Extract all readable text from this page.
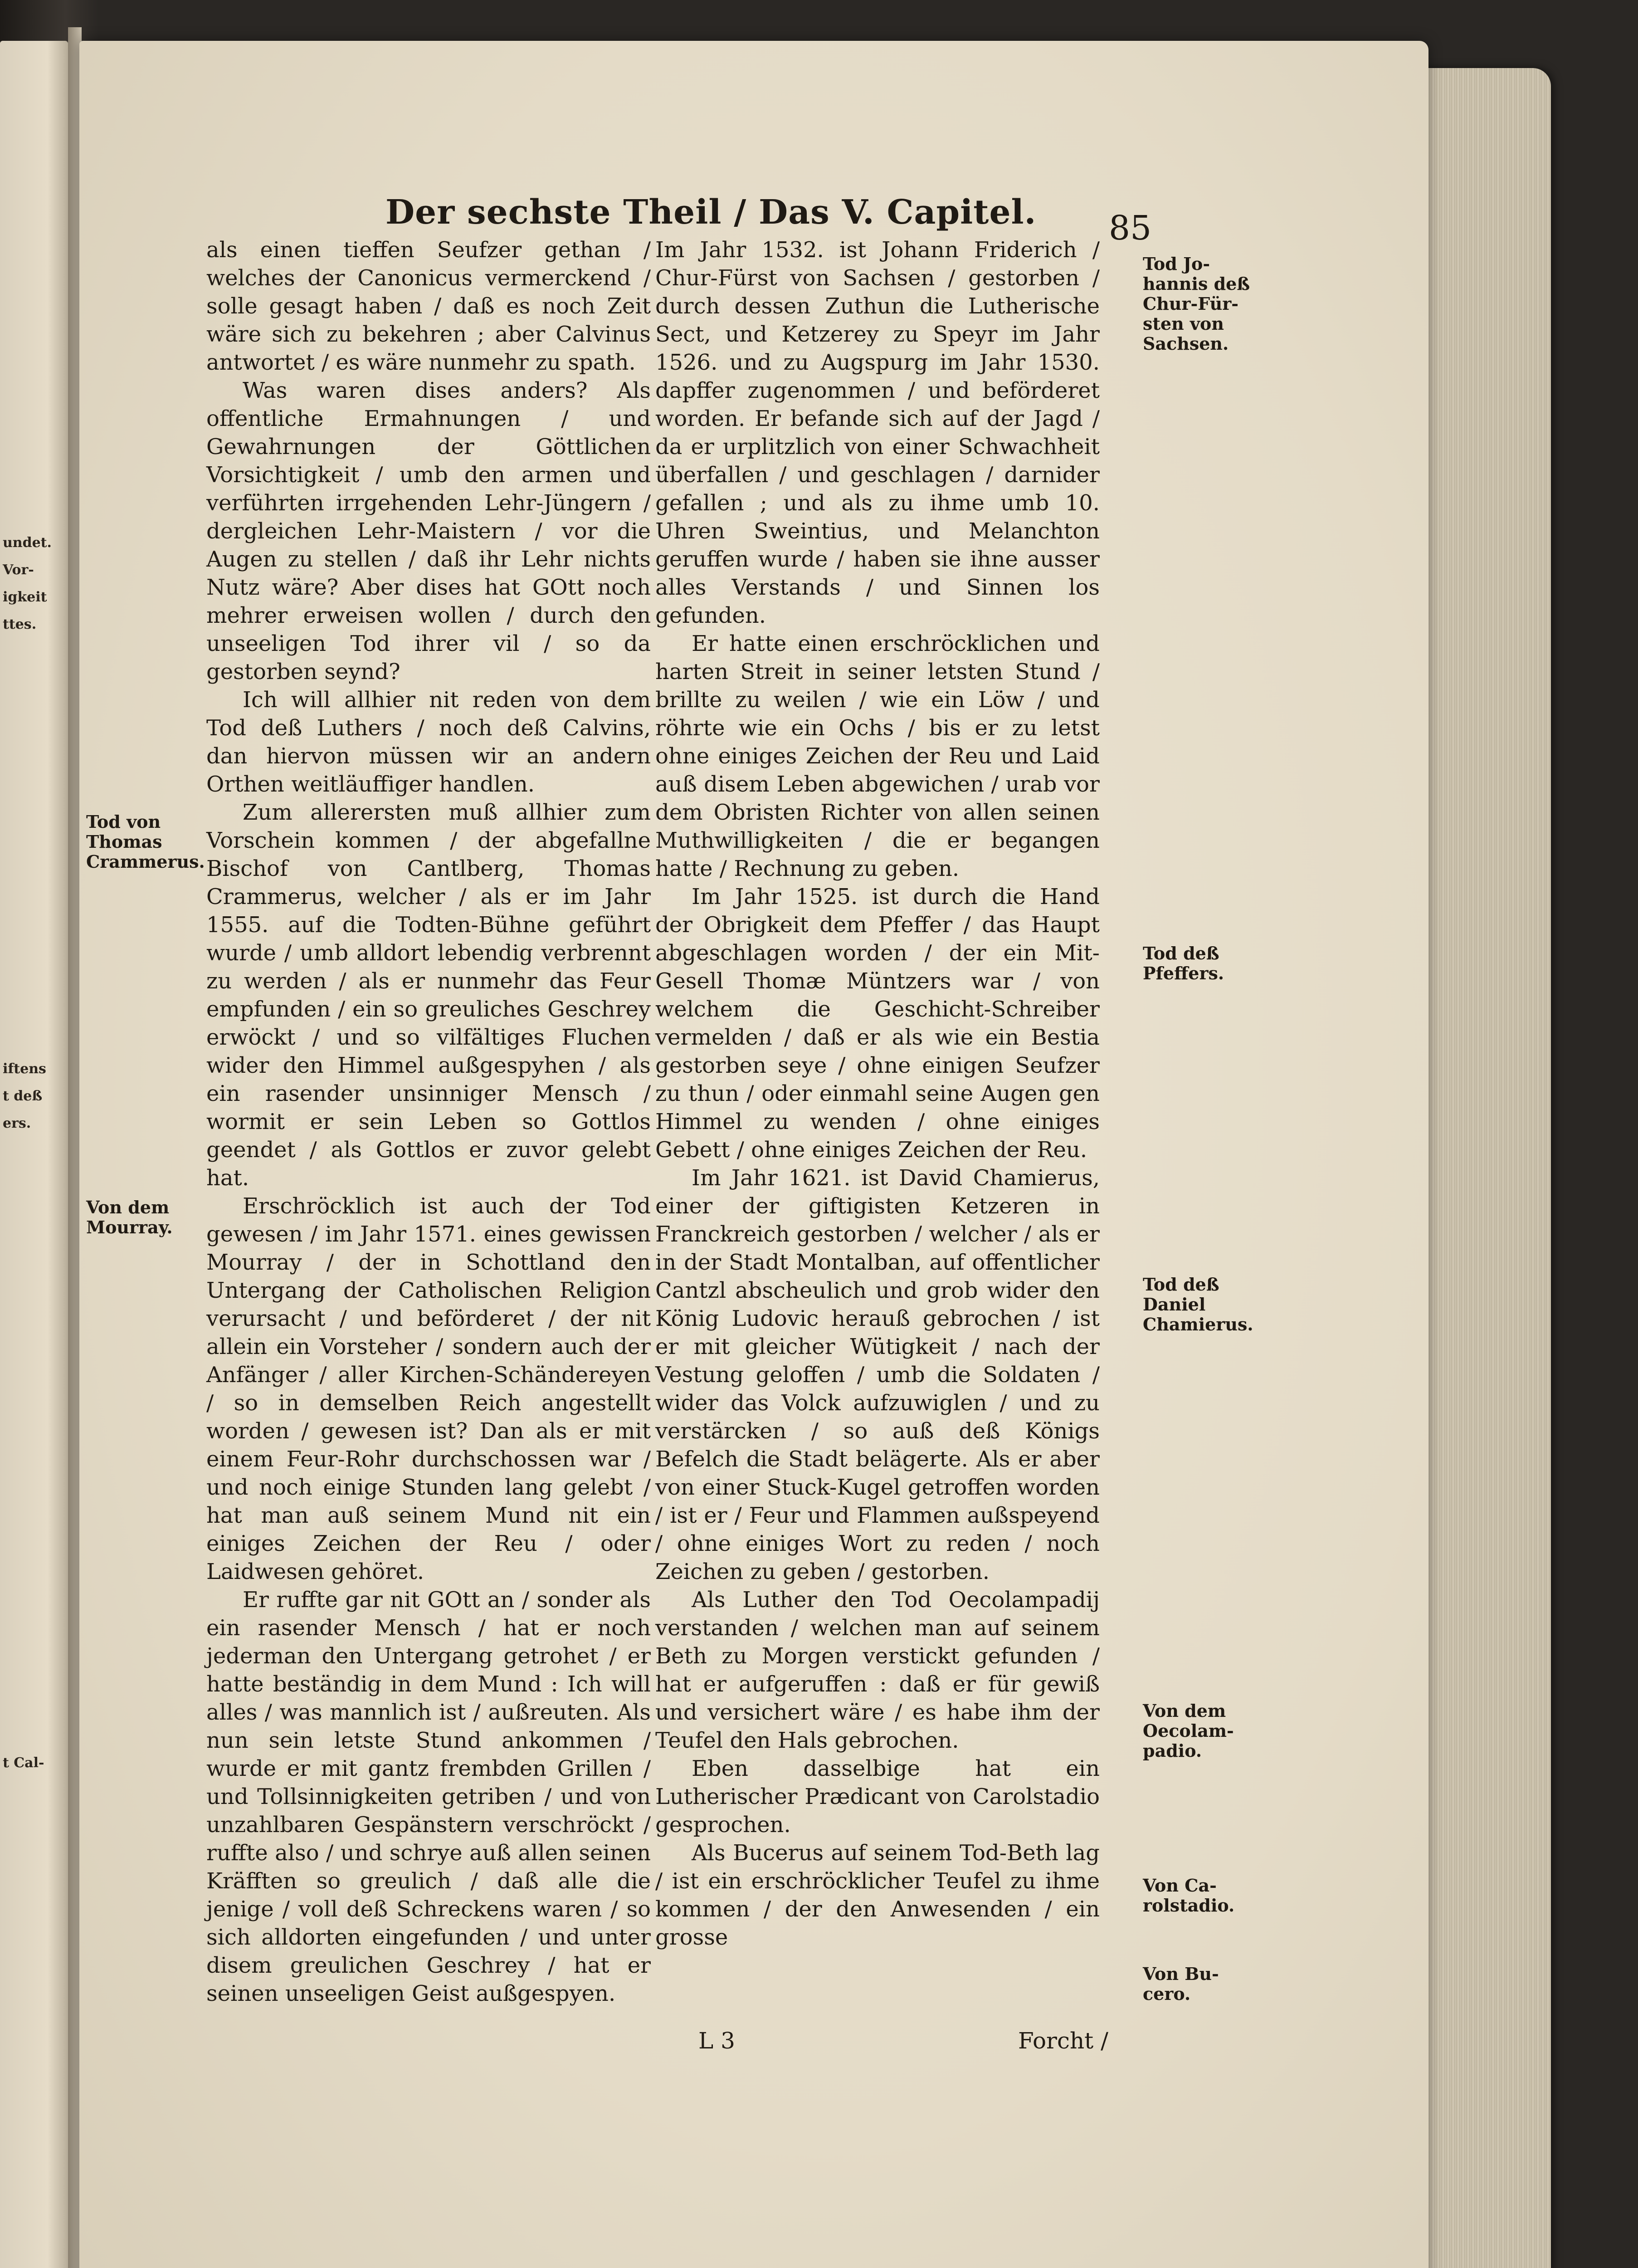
undet.
Vor-
igkeit
ttes.
iftens
t deß
ers.
t Cal-
Der sechste Theil / Das V. Capitel. 85

als einen tieffen Seufzer gethan / welches der Canonicus vermerckend / solle gesagt haben / daß es noch Zeit wäre sich zu bekehren ; aber Calvinus antwortet / es wäre nunmehr zu spath.

Was waren dises anders? Als offentliche Ermahnungen / und Gewahrnungen der Göttlichen Vorsichtigkeit / umb den armen und verführten irrgehenden Lehr-Jüngern / dergleichen Lehr-Maistern / vor die Augen zu stellen / daß ihr Lehr nichts Nutz wäre? Aber dises hat GOtt noch mehrer erweisen wollen / durch den unseeligen Tod ihrer vil / so da gestorben seynd?

Ich will allhier nit reden von dem Tod deß Luthers / noch deß Calvins, dan hiervon müssen wir an andern Orthen weitläuffiger handlen.

Zum allerersten muß allhier zum Vorschein kommen / der abgefallne Bischof von Cantlberg, Thomas Crammerus, welcher / als er im Jahr 1555. auf die Todten-Bühne geführt wurde / umb alldort lebendig verbrennt zu werden / als er nunmehr das Feur empfunden / ein so greuliches Geschrey erwöckt / und so vilfältiges Fluchen wider den Himmel außgespyhen / als ein rasender unsinniger Mensch / wormit er sein Leben so Gottlos geendet / als Gottlos er zuvor gelebt hat.

Erschröcklich ist auch der Tod gewesen / im Jahr 1571. eines gewissen Mourray / der in Schottland den Untergang der Catholischen Religion verursacht / und beförderet / der nit allein ein Vorsteher / sondern auch der Anfänger / aller Kirchen-Schändereyen / so in demselben Reich angestellt worden / gewesen ist? Dan als er mit einem Feur-Rohr durchschossen war / und noch einige Stunden lang gelebt / hat man auß seinem Mund nit ein einiges Zeichen der Reu / oder Laidwesen gehöret.

Er ruffte gar nit GOtt an / sonder als ein rasender Mensch / hat er noch jederman den Untergang getrohet / er hatte beständig in dem Mund : Ich will alles / was mannlich ist / außreuten. Als nun sein letste Stund ankommen / wurde er mit gantz frembden Grillen / und Tollsinnigkeiten getriben / und von unzahlbaren Gespänstern verschröckt / ruffte also / und schrye auß allen seinen Kräfften so greulich / daß alle die jenige / voll deß Schreckens waren / so sich alldorten eingefunden / und unter disem greulichen Geschrey / hat er seinen unseeligen Geist außgespyen.

Im Jahr 1532. ist Johann Friderich / Chur-Fürst von Sachsen / gestorben / durch dessen Zuthun die Lutherische Sect, und Ketzerey zu Speyr im Jahr 1526. und zu Augspurg im Jahr 1530. dapffer zugenommen / und beförderet worden. Er befande sich auf der Jagd / da er urplitzlich von einer Schwachheit überfallen / und geschlagen / darnider gefallen ; und als zu ihme umb 10. Uhren Sweintius, und Melanchton geruffen wurde / haben sie ihne ausser alles Verstands / und Sinnen los gefunden.

Er hatte einen erschröcklichen und harten Streit in seiner letsten Stund / brillte zu weilen / wie ein Löw / und röhrte wie ein Ochs / bis er zu letst ohne einiges Zeichen der Reu und Laid auß disem Leben abgewichen / urab vor dem Obristen Richter von allen seinen Muthwilligkeiten / die er begangen hatte / Rechnung zu geben.

Im Jahr 1525. ist durch die Hand der Obrigkeit dem Pfeffer / das Haupt abgeschlagen worden / der ein Mit-Gesell Thomæ Müntzers war / von welchem die Geschicht-Schreiber vermelden / daß er als wie ein Bestia gestorben seye / ohne einigen Seufzer zu thun / oder einmahl seine Augen gen Himmel zu wenden / ohne einiges Gebett / ohne einiges Zeichen der Reu.

Im Jahr 1621. ist David Chamierus, einer der giftigisten Ketzeren in Franckreich gestorben / welcher / als er in der Stadt Montalban, auf offentlicher Cantzl abscheulich und grob wider den König Ludovic herauß gebrochen / ist er mit gleicher Wütigkeit / nach der Vestung geloffen / umb die Soldaten / wider das Volck aufzuwiglen / und zu verstärcken / so auß deß Königs Befelch die Stadt belägerte. Als er aber von einer Stuck-Kugel getroffen worden / ist er / Feur und Flammen außspeyend / ohne einiges Wort zu reden / noch Zeichen zu geben / gestorben.

Als Luther den Tod Oecolampadij verstanden / welchen man auf seinem Beth zu Morgen verstickt gefunden / hat er aufgeruffen : daß er für gewiß und versichert wäre / es habe ihm der Teufel den Hals gebrochen.

Eben dasselbige hat ein Lutherischer Prædicant von Carolstadio gesprochen.

Als Bucerus auf seinem Tod-Beth lag / ist ein erschröcklicher Teufel zu ihme kommen / der den Anwesenden / ein grosse

Tod von
Thomas
Crammerus.
Von dem
Mourray.
Tod Jo-
hannis deß
Chur-Für-
sten von
Sachsen.
Tod deß
Pfeffers.
Tod deß
Daniel
Chamierus.
Von dem
Oecolam-
padio.
Von Ca-
rolstadio.
Von Bu-
cero.
L 3	Forcht /
